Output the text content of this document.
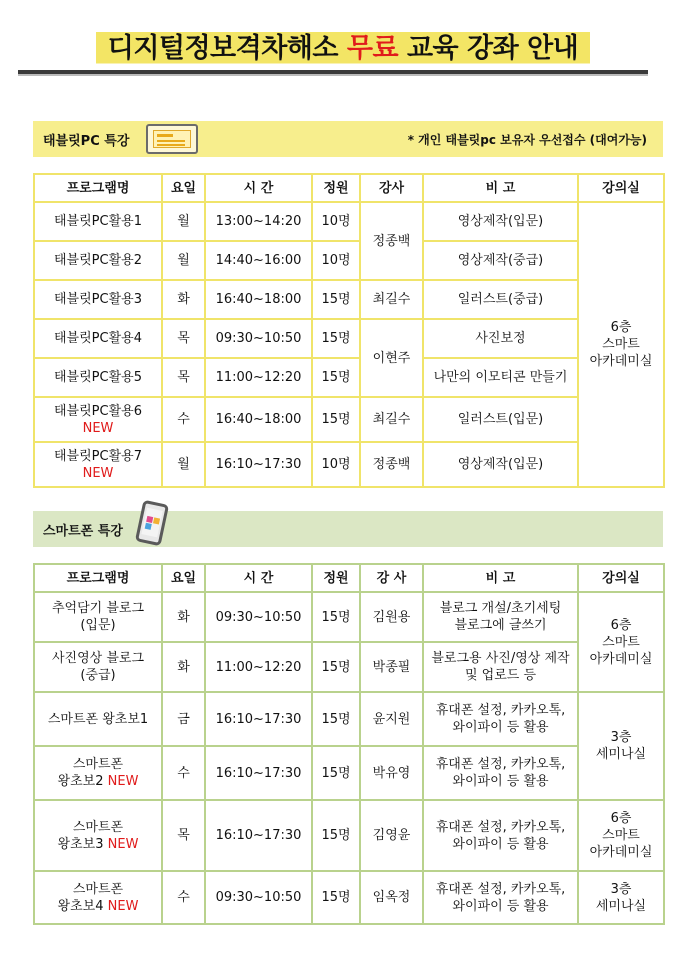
디지털정보격차해소 무료 교육 강좌 안내
태블릿PC 특강	* 개인 태블릿pc 보유자 우선접수 (대여가능)
프로그램명	요일	시 간	정원	강사	비 고	강의실
태블릿PC활용1	월	13:00~14:20	10명	정종백	영상제작(입문)	6층
스마트
아카데미실

태블릿PC활용2	월	14:40~16:00	10명		영상제작(중급)	
태블릿PC활용3	화	16:40~18:00	15명	최길수	일러스트(중급)	
태블릿PC활용4	목	09:30~10:50	15명	이현주	사진보정	
태블릿PC활용5	목	11:00~12:20	15명		나만의 이모티콘 만들기	

태블릿PC활용6
NEW	수	16:40~18:00	15명	최길수	일러스트(입문)	

태블릿PC활용7
NEW	월	16:10~17:30	10명	정종백	영상제작(입문)	
스마트폰 특강
프로그램명	요일	시 간	정원	강 사	비 고	강의실

추억담기 블로그
(입문)	화	09:30~10:50	15명	김원용	블로그 개설/초기세팅
블로그에 글쓰기	6층
스마트
아카데미실

사진영상 블로그
(중급)	화	11:00~12:20	15명	박종필	블로그용 사진/영상 제작
및 업로드 등	

스마트폰 왕초보1	금	16:10~17:30	15명	윤지원	휴대폰 설정, 카카오톡,
와이파이 등 활용	3층
세미나실

스마트폰
왕초보2 NEW	수	16:10~17:30	15명	박유영	휴대폰 설정, 카카오톡,
와이파이 등 활용	

스마트폰
왕초보3 NEW	목	16:10~17:30	15명	김영윤	휴대폰 설정, 카카오톡,
와이파이 등 활용	6층
스마트
아카데미실

스마트폰
왕초보4 NEW	수	09:30~10:50	15명	임옥정	휴대폰 설정, 카카오톡,
와이파이 등 활용	3층
세미나실
